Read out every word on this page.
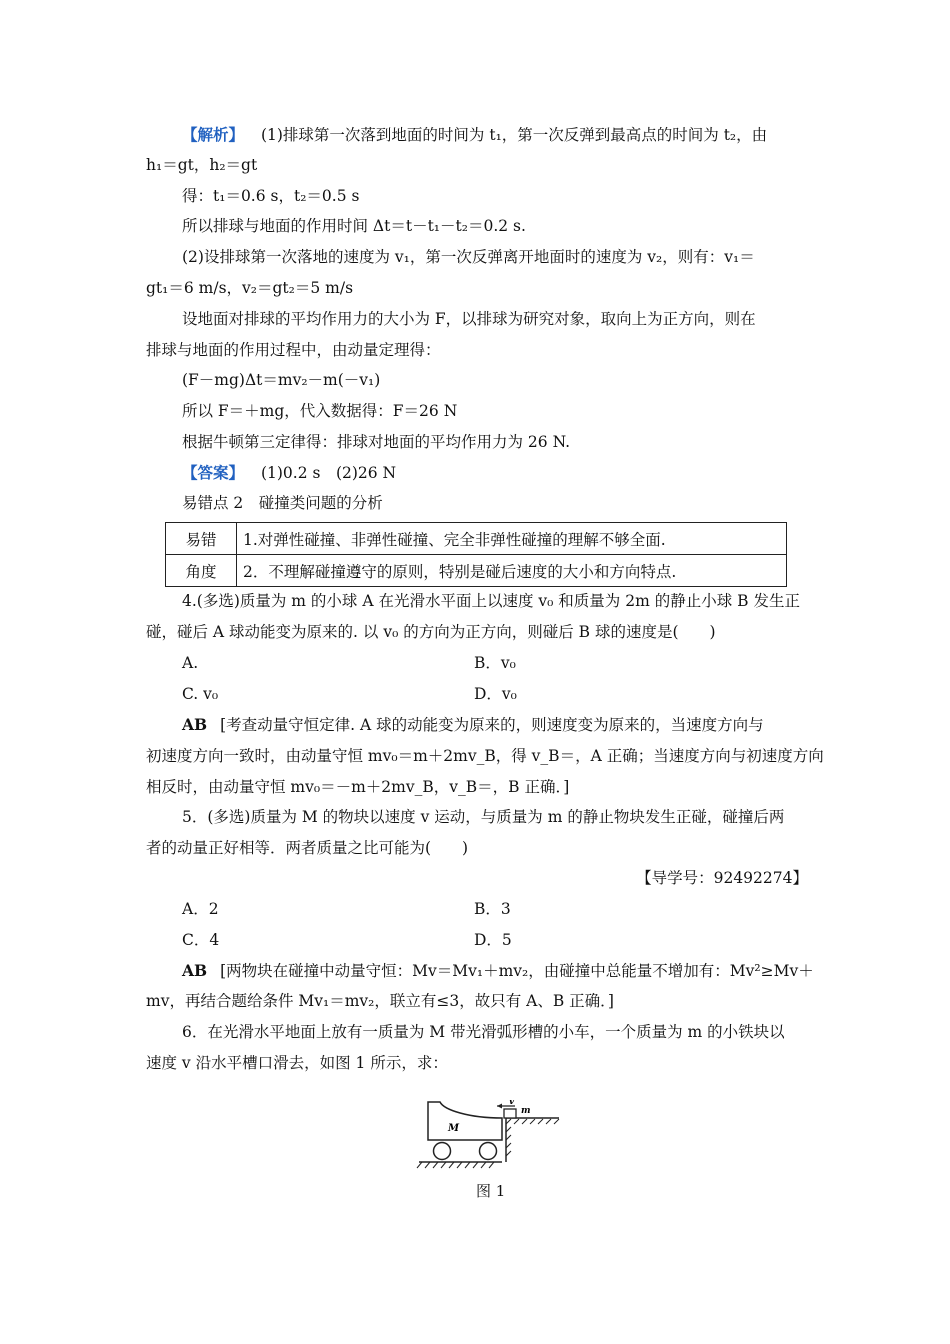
【解析】 (1)排球第一次落到地面的时间为 t₁，第一次反弹到最高点的时间为 t₂，由
h₁＝gt，h₂＝gt
得：t₁＝0.6 s，t₂＝0.5 s
所以排球与地面的作用时间 Δt＝t－t₁－t₂＝0.2 s.
(2)设排球第一次落地的速度为 v₁，第一次反弹离开地面时的速度为 v₂，则有：v₁＝
gt₁＝6 m/s，v₂＝gt₂＝5 m/s
设地面对排球的平均作用力的大小为 F，以排球为研究对象，取向上为正方向，则在
排球与地面的作用过程中，由动量定理得：
(F－mg)Δt＝mv₂－m(－v₁)
所以 F＝＋mg，代入数据得：F＝26 N
根据牛顿第三定律得：排球对地面的平均作用力为 26 N.
【答案】 (1)0.2 s　(2)26 N
易错点 2　碰撞类问题的分析
易错	1.对弹性碰撞、非弹性碰撞、完全非弹性碰撞的理解不够全面.
角度	2．不理解碰撞遵守的原则，特别是碰后速度的大小和方向特点.
4.(多选)质量为 m 的小球 A 在光滑水平面上以速度 v₀ 和质量为 2m 的静止小球 B 发生正
碰，碰后 A 球动能变为原来的. 以 v₀ 的方向为正方向，则碰后 B 球的速度是(　　)
A.	B．v₀
C. v₀	D．v₀
AB [考查动量守恒定律. A 球的动能变为原来的，则速度变为原来的，当速度方向与
初速度方向一致时，由动量守恒 mv₀＝m＋2mv_B，得 v_B＝，A 正确；当速度方向与初速度方向
相反时，由动量守恒 mv₀＝－m＋2mv_B，v_B＝，B 正确．]
5．(多选)质量为 M 的物块以速度 v 运动，与质量为 m 的静止物块发生正碰，碰撞后两
者的动量正好相等．两者质量之比可能为(　　)
【导学号：92492274】
A．2	B．3
C．4	D．5
AB [两物块在碰撞中动量守恒：Mv＝Mv₁＋mv₂，由碰撞中总能量不增加有：Mv²≥Mv＋
mv，再结合题给条件 Mv₁＝mv₂，联立有≤3，故只有 A、B 正确．]
6．在光滑水平地面上放有一质量为 M 带光滑弧形槽的小车，一个质量为 m 的小铁块以
速度 v 沿水平槽口滑去，如图 1 所示，求：
v
m
M
图 1
